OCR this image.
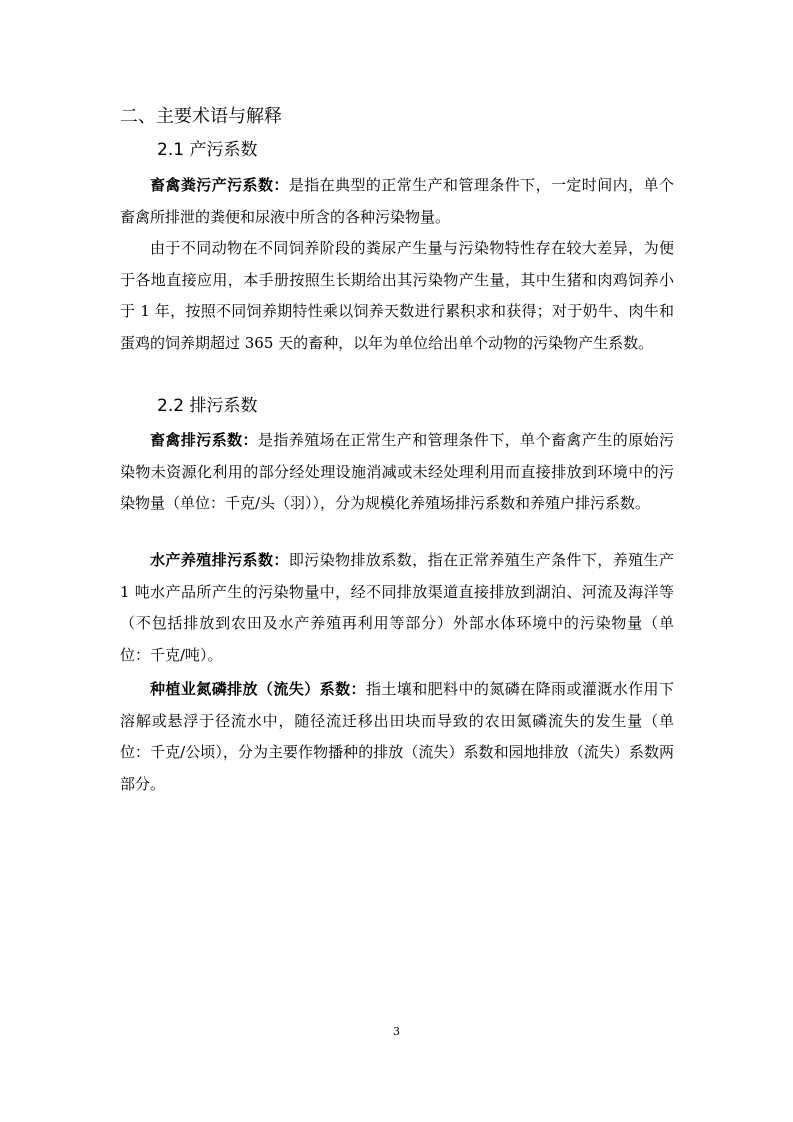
二、主要术语与解释
2.1 产污系数

畜禽粪污产污系数：是指在典型的正常生产和管理条件下，一定时间内，单个畜禽所排泄的粪便和尿液中所含的各种污染物量。

由于不同动物在不同饲养阶段的粪尿产生量与污染物特性存在较大差异，为便于各地直接应用，本手册按照生长期给出其污染物产生量，其中生猪和肉鸡饲养小于 1 年，按照不同饲养期特性乘以饲养天数进行累积求和获得；对于奶牛、肉牛和蛋鸡的饲养期超过 365 天的畜种，以年为单位给出单个动物的污染物产生系数。

2.2 排污系数

畜禽排污系数：是指养殖场在正常生产和管理条件下，单个畜禽产生的原始污染物未资源化利用的部分经处理设施消减或未经处理利用而直接排放到环境中的污染物量（单位：千克/头（羽）），分为规模化养殖场排污系数和养殖户排污系数。

水产养殖排污系数：即污染物排放系数，指在正常养殖生产条件下，养殖生产 1 吨水产品所产生的污染物量中，经不同排放渠道直接排放到湖泊、河流及海洋等（不包括排放到农田及水产养殖再利用等部分）外部水体环境中的污染物量（单位：千克/吨）。

种植业氮磷排放（流失）系数：指土壤和肥料中的氮磷在降雨或灌溉水作用下溶解或悬浮于径流水中，随径流迁移出田块而导致的农田氮磷流失的发生量（单位：千克/公顷），分为主要作物播种的排放（流失）系数和园地排放（流失）系数两部分。

3
